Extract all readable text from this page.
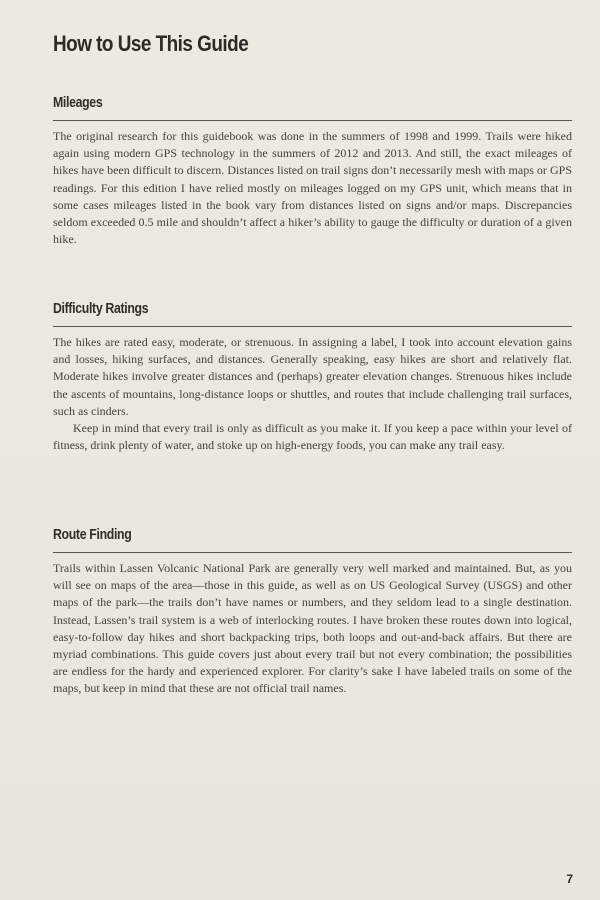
How to Use This Guide
Mileages

The original research for this guidebook was done in the summers of 1998 and 1999. Trails were hiked again using modern GPS technology in the summers of 2012 and 2013. And still, the exact mileages of hikes have been difficult to discern. Distances listed on trail signs don’t necessarily mesh with maps or GPS readings. For this edition I have relied mostly on mileages logged on my GPS unit, which means that in some cases mileages listed in the book vary from distances listed on signs and/or maps. Discrepancies seldom exceeded 0.5 mile and shouldn’t affect a hiker’s ability to gauge the difficulty or duration of a given hike.

Difficulty Ratings

The hikes are rated easy, moderate, or strenuous. In assigning a label, I took into account elevation gains and losses, hiking surfaces, and distances. Generally speaking, easy hikes are short and relatively flat. Moderate hikes involve greater distances and (perhaps) greater elevation changes. Strenuous hikes include the ascents of mountains, long-distance loops or shuttles, and routes that include challenging trail surfaces, such as cinders.

Keep in mind that every trail is only as difficult as you make it. If you keep a pace within your level of fitness, drink plenty of water, and stoke up on high-energy foods, you can make any trail easy.

Route Finding

Trails within Lassen Volcanic National Park are generally very well marked and maintained. But, as you will see on maps of the area—those in this guide, as well as on US Geological Survey (USGS) and other maps of the park—the trails don’t have names or numbers, and they seldom lead to a single destination. Instead, Lassen’s trail system is a web of interlocking routes. I have broken these routes down into logical, easy-to-follow day hikes and short backpacking trips, both loops and out-and-back affairs. But there are myriad combinations. This guide covers just about every trail but not every combination; the possibilities are endless for the hardy and experienced explorer. For clarity’s sake I have labeled trails on some of the maps, but keep in mind that these are not official trail names.

7
